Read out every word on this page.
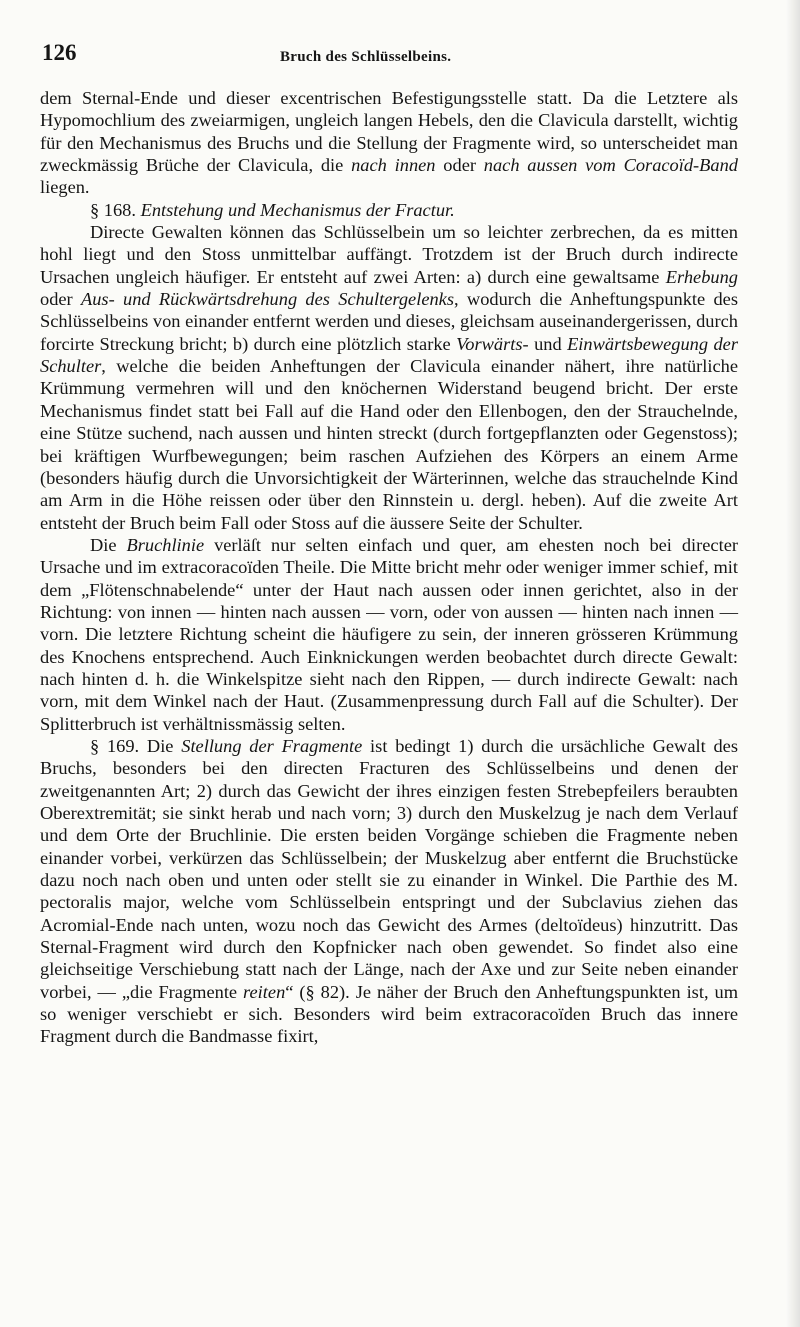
126	Bruch des Schlüsselbeins.

dem Sternal-Ende und dieser excentrischen Befestigungsstelle statt. Da die Letztere als Hypomochlium des zweiarmigen, ungleich langen Hebels, den die Clavicula darstellt, wichtig für den Mechanismus des Bruchs und die Stellung der Fragmente wird, so unterscheidet man zweckmässig Brüche der Clavicula, die nach innen oder nach aussen vom Coracoïd-Band liegen.

§ 168. Entstehung und Mechanismus der Fractur.

Directe Gewalten können das Schlüsselbein um so leichter zerbrechen, da es mitten hohl liegt und den Stoss unmittelbar auffängt. Trotzdem ist der Bruch durch indirecte Ursachen ungleich häufiger. Er entsteht auf zwei Arten: a) durch eine gewaltsame Erhebung oder Aus- und Rückwärtsdrehung des Schultergelenks, wodurch die Anheftungspunkte des Schlüsselbeins von einander entfernt werden und dieses, gleichsam auseinandergerissen, durch forcirte Streckung bricht; b) durch eine plötzlich starke Vorwärts- und Einwärtsbewegung der Schulter, welche die beiden Anheftungen der Clavicula einander nähert, ihre natürliche Krümmung vermehren will und den knöchernen Widerstand beugend bricht. Der erste Mechanismus findet statt bei Fall auf die Hand oder den Ellenbogen, den der Strauchelnde, eine Stütze suchend, nach aussen und hinten streckt (durch fortgepflanzten oder Gegenstoss); bei kräftigen Wurfbewegungen; beim raschen Aufziehen des Körpers an einem Arme (besonders häufig durch die Unvorsichtigkeit der Wärterinnen, welche das strauchelnde Kind am Arm in die Höhe reissen oder über den Rinnstein u. dergl. heben). Auf die zweite Art entsteht der Bruch beim Fall oder Stoss auf die äussere Seite der Schulter.

Die Bruchlinie verläſt nur selten einfach und quer, am ehesten noch bei directer Ursache und im extracoracoïden Theile. Die Mitte bricht mehr oder weniger immer schief, mit dem „Flötenschnabelende“ unter der Haut nach aussen oder innen gerichtet, also in der Richtung: von innen — hinten nach aussen — vorn, oder von aussen — hinten nach innen — vorn. Die letztere Richtung scheint die häufigere zu sein, der inneren grösseren Krümmung des Knochens entsprechend. Auch Einknickungen werden beobachtet durch directe Gewalt: nach hinten d. h. die Winkelspitze sieht nach den Rippen, — durch indirecte Gewalt: nach vorn, mit dem Winkel nach der Haut. (Zusammenpressung durch Fall auf die Schulter). Der Splitterbruch ist verhältnissmässig selten.

§ 169. Die Stellung der Fragmente ist bedingt 1) durch die ursächliche Gewalt des Bruchs, besonders bei den directen Fracturen des Schlüsselbeins und denen der zweitgenannten Art; 2) durch das Gewicht der ihres einzigen festen Strebepfeilers beraubten Oberextremität; sie sinkt herab und nach vorn; 3) durch den Muskelzug je nach dem Verlauf und dem Orte der Bruchlinie. Die ersten beiden Vorgänge schieben die Fragmente neben einander vorbei, verkürzen das Schlüsselbein; der Muskelzug aber entfernt die Bruchstücke dazu noch nach oben und unten oder stellt sie zu einander in Winkel. Die Parthie des M. pectoralis major, welche vom Schlüsselbein entspringt und der Subclavius ziehen das Acromial-Ende nach unten, wozu noch das Gewicht des Armes (deltoïdeus) hinzutritt. Das Sternal-Fragment wird durch den Kopfnicker nach oben gewendet. So findet also eine gleichseitige Verschiebung statt nach der Länge, nach der Axe und zur Seite neben einander vorbei, — „die Fragmente reiten“ (§ 82). Je näher der Bruch den Anheftungspunkten ist, um so weniger verschiebt er sich. Besonders wird beim extracoracoïden Bruch das innere Fragment durch die Bandmasse fixirt,
